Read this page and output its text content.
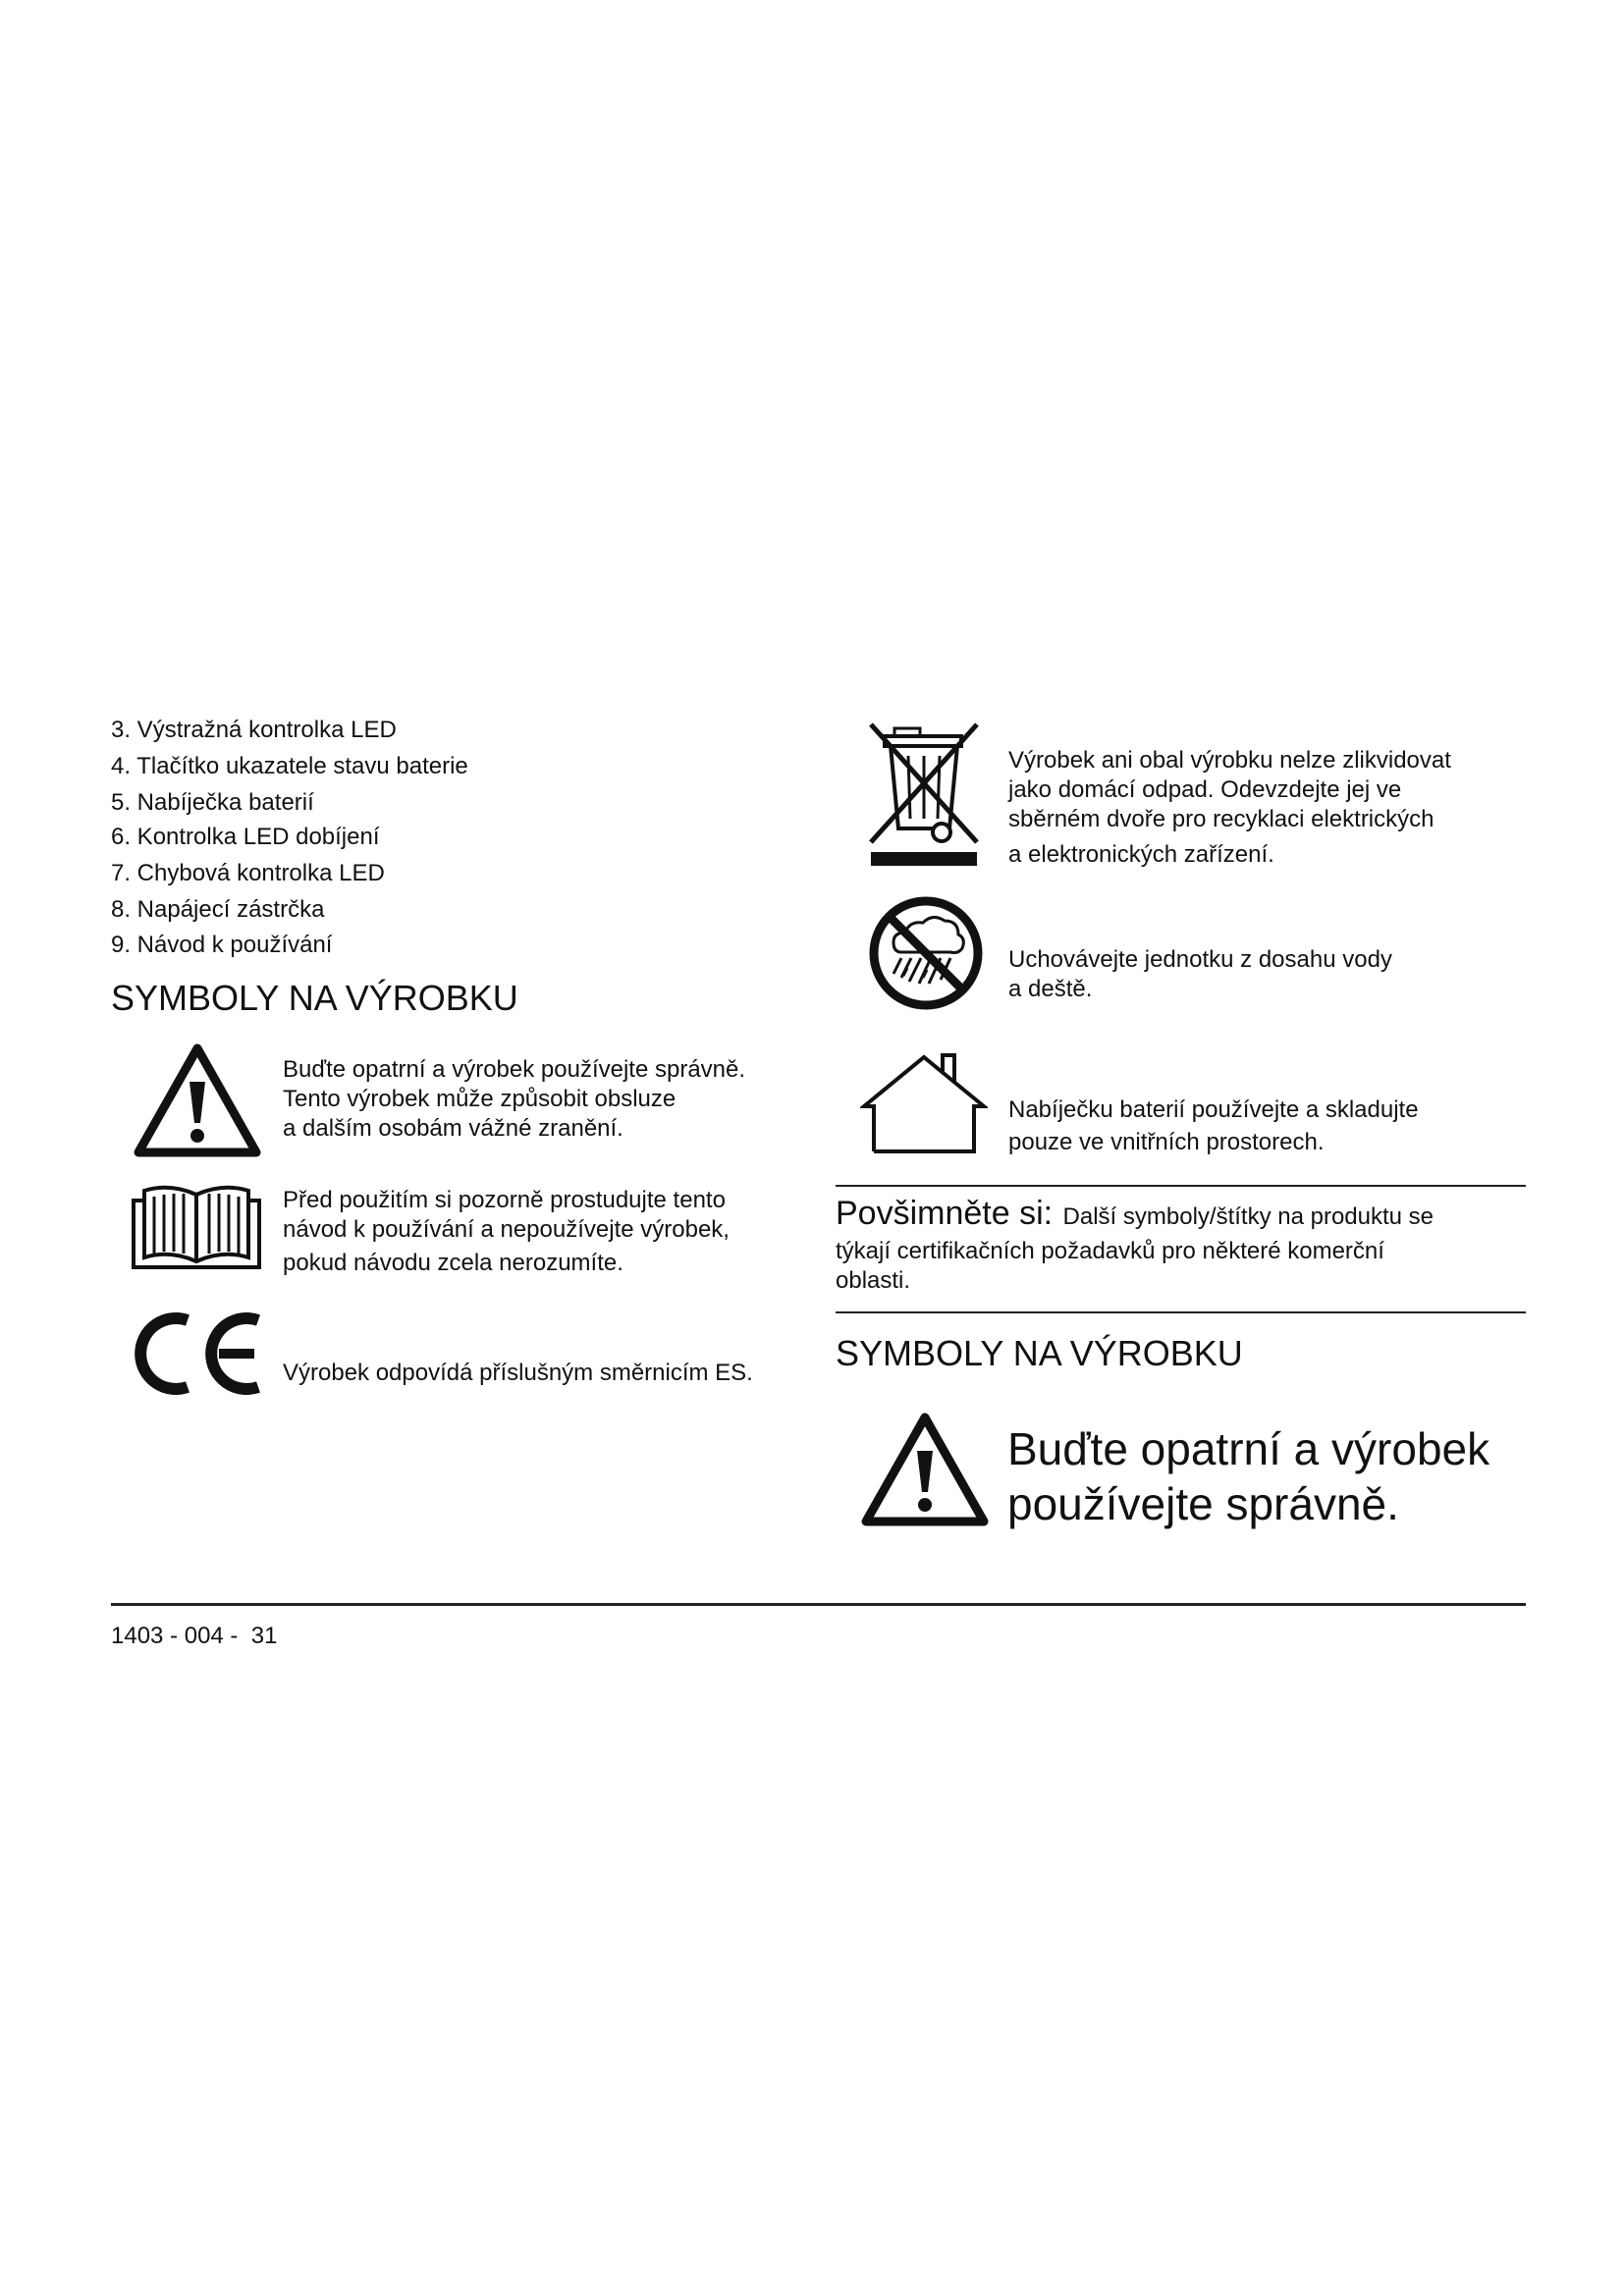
3. Výstražná kontrolka LED
4. Tlačítko ukazatele stavu baterie
5. Nabíječka baterií
6. Kontrolka LED dobíjení
7. Chybová kontrolka LED
8. Napájecí zástrčka
9. Návod k používání
SYMBOLY NA VÝROBKU
Buďte opatrní a výrobek používejte správně.
Tento výrobek může způsobit obsluze
a dalším osobám vážné zranění.
Před použitím si pozorně prostudujte tento
návod k používání a nepoužívejte výrobek,
pokud návodu zcela nerozumíte.
Výrobek odpovídá příslušným směrnicím ES.
Výrobek ani obal výrobku nelze zlikvidovat
jako domácí odpad. Odevzdejte jej ve
sběrném dvoře pro recyklaci elektrických
a elektronických zařízení.
Uchovávejte jednotku z dosahu vody
a deště.
Nabíječku baterií používejte a skladujte
pouze ve vnitřních prostorech.
Povšimněte si: Další symboly/štítky na produktu se
týkají certifikačních požadavků pro některé komerční
oblasti.
SYMBOLY NA VÝROBKU
Buďte opatrní a výrobek
používejte správně.
1403 - 004 -  31
